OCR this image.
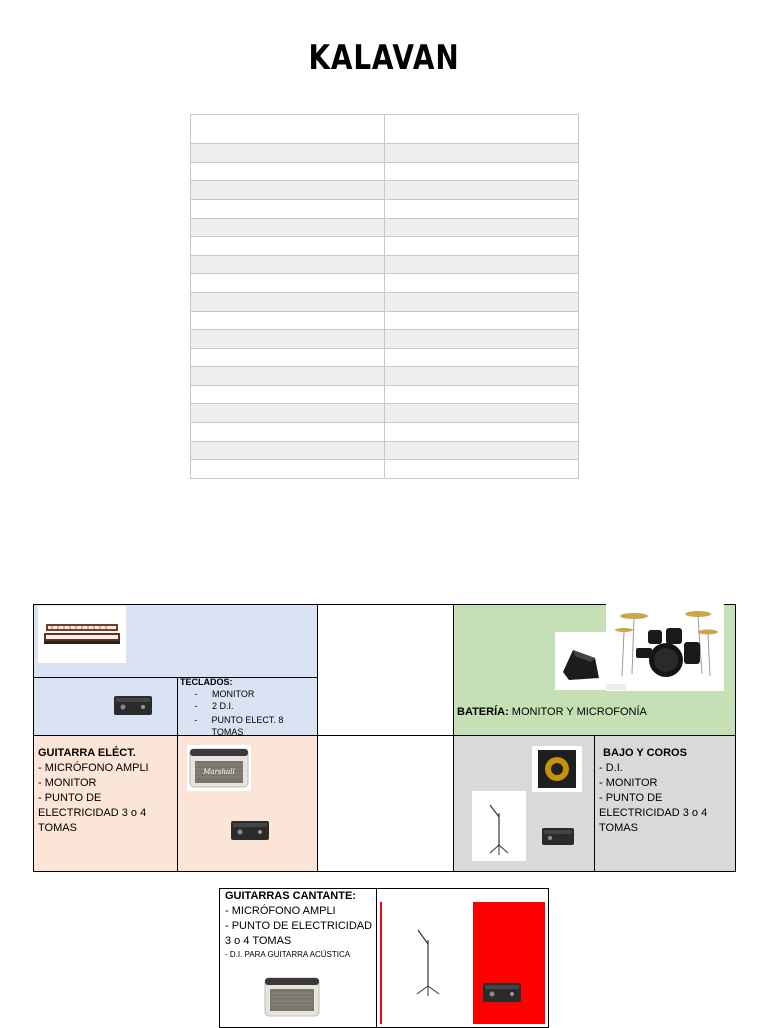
KALAVAN

TECLADOS:
-	MONITOR
-	2 D.I.
-	PUNTO ELECT. 8 TOMAS
BATERÍA: MONITOR Y MICROFONÍA
GUITARRA ELÉCT.
- MICRÓFONO AMPLI
- MONITOR
- PUNTO DE
ELECTRICIDAD 3 o 4
TOMAS
Marshall
BAJO Y COROS
- D.I.
- MONITOR
- PUNTO DE
ELECTRICIDAD 3 o 4
TOMAS
GUITARRAS CANTANTE:
- MICRÓFONO AMPLI
- PUNTO DE ELECTRICIDAD
3 o 4 TOMAS
- D.I. PARA GUITARRA ACÚSTICA
